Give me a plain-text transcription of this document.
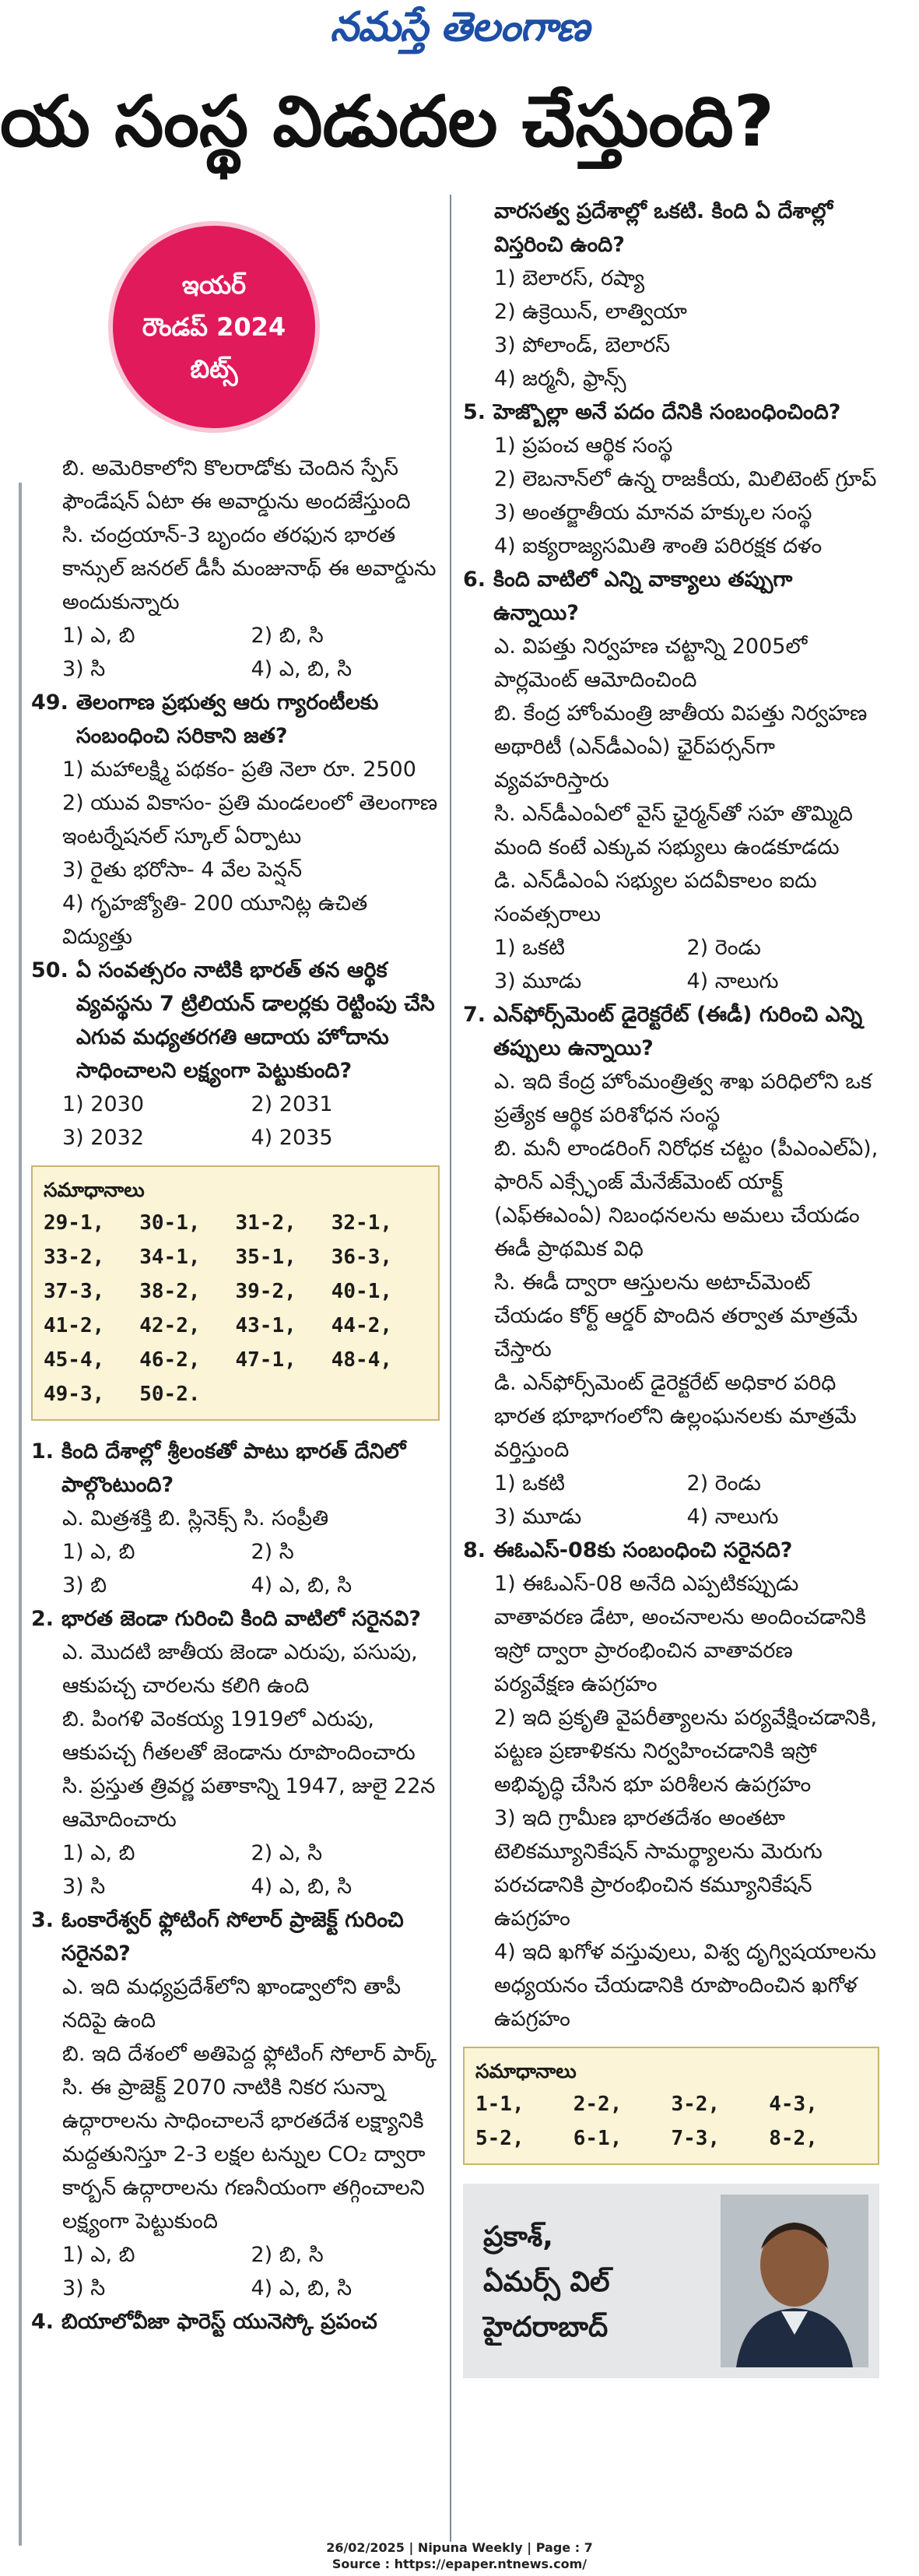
నమస్తే తెలంగాణ
య సంస్థ విడుదల చేస్తుంది?
ఇయర్
రౌండప్ 2024
బిట్స్

బి. అమెరికాలోని కొలరాడోకు చెందిన స్పేస్ ఫౌండేషన్ ఏటా ఈ అవార్డును అందజేస్తుంది

సి. చంద్రయాన్-3 బృందం తరఫున భారత కాన్సుల్ జనరల్ డీసీ మంజునాథ్ ఈ అవార్డును అందుకున్నారు

1) ఎ, బి	2) బి, సి
3) సి	4) ఎ, బి, సి
49. తెలంగాణ ప్రభుత్వ ఆరు గ్యారంటీలకు సంబంధించి సరికాని జత?

1) మహాలక్ష్మి పథకం- ప్రతి నెలా రూ. 2500

2) యువ వికాసం- ప్రతి మండలంలో తెలంగాణ ఇంటర్నేషనల్ స్కూల్ ఏర్పాటు

3) రైతు భరోసా- 4 వేల పెన్షన్

4) గృహజ్యోతి- 200 యూనిట్ల ఉచిత విద్యుత్తు

50. ఏ సంవత్సరం నాటికి భారత్ తన ఆర్థిక వ్యవస్థను 7 ట్రిలియన్ డాలర్లకు రెట్టింపు చేసి ఎగువ మధ్యతరగతి ఆదాయ హోదాను సాధించాలని లక్ష్యంగా పెట్టుకుంది?
1) 2030	2) 2031
3) 2032	4) 2035
సమాధానాలు
29-1,	30-1,	31-2,	32-1,
33-2,	34-1,	35-1,	36-3,
37-3,	38-2,	39-2,	40-1,
41-2,	42-2,	43-1,	44-2,
45-4,	46-2,	47-1,	48-4,
49-3,	50-2.
1. కింది దేశాల్లో శ్రీలంకతో పాటు భారత్ దేనిలో పాల్గొంటుంది?

ఎ. మిత్రశక్తి బి. స్లినెక్స్ సి. సంప్రీతి

1) ఎ, బి	2) సి
3) బి	4) ఎ, బి, సి
2. భారత జెండా గురించి కింది వాటిలో సరైనవి?

ఎ. మొదటి జాతీయ జెండా ఎరుపు, పసుపు, ఆకుపచ్చ చారలను కలిగి ఉంది

బి. పింగళి వెంకయ్య 1919లో ఎరుపు, ఆకుపచ్చ గీతలతో జెండాను రూపొందించారు

సి. ప్రస్తుత త్రివర్ణ పతాకాన్ని 1947, జులై 22న ఆమోదించారు

1) ఎ, బి	2) ఎ, సి
3) సి	4) ఎ, బి, సి
3. ఓంకారేశ్వర్ ఫ్లోటింగ్ సోలార్ ప్రాజెక్ట్ గురించి సరైనవి?

ఎ. ఇది మధ్యప్రదేశ్‌లోని ఖాండ్వాలోని తాపీ నదిపై ఉంది

బి. ఇది దేశంలో అతిపెద్ద ఫ్లోటింగ్ సోలార్ పార్క్

సి. ఈ ప్రాజెక్ట్ 2070 నాటికి నికర సున్నా ఉద్గారాలను సాధించాలనే భారతదేశ లక్ష్యానికి మద్దతునిస్తూ 2-3 లక్షల టన్నుల CO₂ ద్వారా కార్బన్ ఉద్గారాలను గణనీయంగా తగ్గించాలని లక్ష్యంగా పెట్టుకుంది

1) ఎ, బి	2) బి, సి
3) సి	4) ఎ, బి, సి
4. బియాలోవీజా ఫారెస్ట్ యునెస్కో ప్రపంచ

వారసత్వ ప్రదేశాల్లో ఒకటి. కింది ఏ దేశాల్లో విస్తరించి ఉంది?

1) బెలారస్, రష్యా

2) ఉక్రెయిన్, లాత్వియా

3) పోలాండ్, బెలారస్

4) జర్మనీ, ఫ్రాన్స్

5. హెజ్బొల్లా అనే పదం దేనికి సంబంధించింది?

1) ప్రపంచ ఆర్థిక సంస్థ

2) లెబనాన్‌లో ఉన్న రాజకీయ, మిలిటెంట్ గ్రూప్

3) అంతర్జాతీయ మానవ హక్కుల సంస్థ

4) ఐక్యరాజ్యసమితి శాంతి పరిరక్షక దళం

6. కింది వాటిలో ఎన్ని వాక్యాలు తప్పుగా ఉన్నాయి?

ఎ. విపత్తు నిర్వహణ చట్టాన్ని 2005లో పార్లమెంట్ ఆమోదించింది

బి. కేంద్ర హోంమంత్రి జాతీయ విపత్తు నిర్వహణ అథారిటీ (ఎన్‌డీఎంఏ) ఛైర్‌పర్సన్‌గా వ్యవహరిస్తారు

సి. ఎన్‌డీఎంఏలో వైస్ ఛైర్మన్‌తో సహ తొమ్మిది మంది కంటే ఎక్కువ సభ్యులు ఉండకూడదు

డి. ఎన్‌డీఎంఏ సభ్యుల పదవీకాలం ఐదు సంవత్సరాలు

1) ఒకటి	2) రెండు
3) మూడు	4) నాలుగు
7. ఎన్‌ఫోర్స్‌మెంట్ డైరెక్టరేట్ (ఈడీ) గురించి ఎన్ని తప్పులు ఉన్నాయి?

ఎ. ఇది కేంద్ర హోంమంత్రిత్వ శాఖ పరిధిలోని ఒక ప్రత్యేక ఆర్థిక పరిశోధన సంస్థ

బి. మనీ లాండరింగ్ నిరోధక చట్టం (పీఎంఎల్ఏ), ఫారిన్ ఎక్స్ఛేంజ్ మేనేజ్‌మెంట్ యాక్ట్ (ఎఫ్ఈఎంఏ) నిబంధనలను అమలు చేయడం ఈడీ ప్రాథమిక విధి

సి. ఈడీ ద్వారా ఆస్తులను అటాచ్‌మెంట్ చేయడం కోర్ట్ ఆర్డర్ పొందిన తర్వాత మాత్రమే చేస్తారు

డి. ఎన్‌ఫోర్స్‌మెంట్ డైరెక్టరేట్ అధికార పరిధి భారత భూభాగంలోని ఉల్లంఘనలకు మాత్రమే వర్తిస్తుంది

1) ఒకటి	2) రెండు
3) మూడు	4) నాలుగు
8. ఈఓఎస్-08కు సంబంధించి సరైనది?

1) ఈఓఎస్-08 అనేది ఎప్పటికప్పుడు వాతావరణ డేటా, అంచనాలను అందించడానికి ఇస్రో ద్వారా ప్రారంభించిన వాతావరణ పర్యవేక్షణ ఉపగ్రహం

2) ఇది ప్రకృతి వైపరీత్యాలను పర్యవేక్షించడానికి, పట్టణ ప్రణాళికను నిర్వహించడానికి ఇస్రో అభివృద్ధి చేసిన భూ పరిశీలన ఉపగ్రహం

3) ఇది గ్రామీణ భారతదేశం అంతటా టెలికమ్యూనికేషన్ సామర్థ్యాలను మెరుగు పరచడానికి ప్రారంభించిన కమ్యూనికేషన్ ఉపగ్రహం

4) ఇది ఖగోళ వస్తువులు, విశ్వ దృగ్విషయాలను అధ్యయనం చేయడానికి రూపొందించిన ఖగోళ ఉపగ్రహం

సమాధానాలు
1-1,	2-2,	3-2,	4-3,
5-2,	6-1,	7-3,	8-2,
ప్రకాశ్,
ఏమర్స్ విల్
హైదరాబాద్
26/02/2025 | Nipuna Weekly | Page : 7
Source : https://epaper.ntnews.com/
